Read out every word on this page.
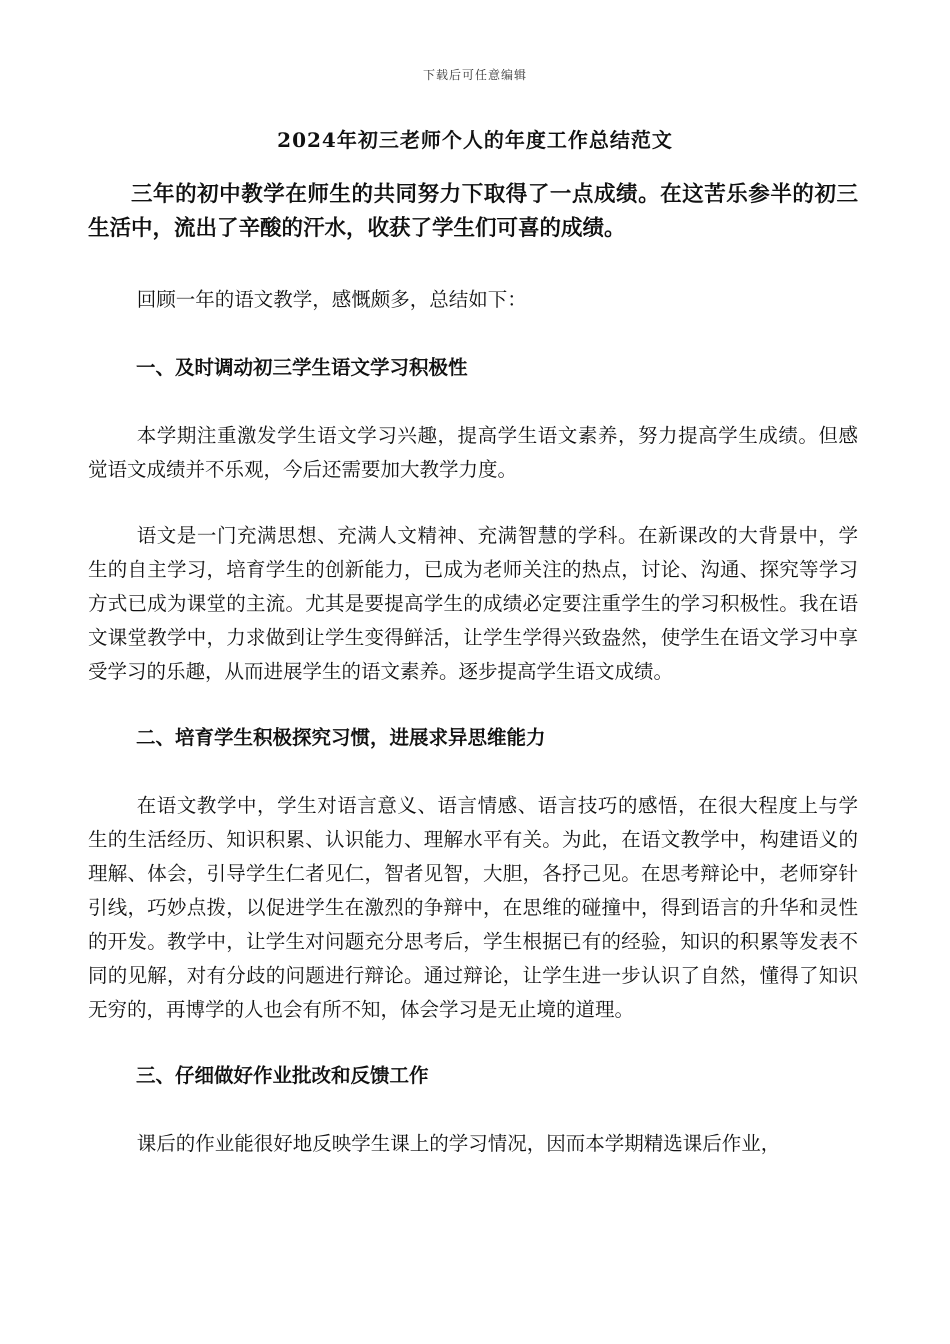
下载后可任意编辑
2024年初三老师个人的年度工作总结范文

三年的初中教学在师生的共同努力下取得了一点成绩。在这苦乐参半的初三生活中，流出了辛酸的汗水，收获了学生们可喜的成绩。

回顾一年的语文教学，感慨颇多，总结如下：

一、及时调动初三学生语文学习积极性

本学期注重激发学生语文学习兴趣，提高学生语文素养，努力提高学生成绩。但感觉语文成绩并不乐观，今后还需要加大教学力度。

语文是一门充满思想、充满人文精神、充满智慧的学科。在新课改的大背景中，学生的自主学习，培育学生的创新能力，已成为老师关注的热点，讨论、沟通、探究等学习方式已成为课堂的主流。尤其是要提高学生的成绩必定要注重学生的学习积极性。我在语文课堂教学中，力求做到让学生变得鲜活，让学生学得兴致盎然，使学生在语文学习中享受学习的乐趣，从而进展学生的语文素养。逐步提高学生语文成绩。

二、培育学生积极探究习惯，进展求异思维能力

在语文教学中，学生对语言意义、语言情感、语言技巧的感悟，在很大程度上与学生的生活经历、知识积累、认识能力、理解水平有关。为此，在语文教学中，构建语义的理解、体会，引导学生仁者见仁，智者见智，大胆，各抒己见。在思考辩论中，老师穿针引线，巧妙点拨，以促进学生在激烈的争辩中，在思维的碰撞中，得到语言的升华和灵性的开发。教学中，让学生对问题充分思考后，学生根据已有的经验，知识的积累等发表不同的见解，对有分歧的问题进行辩论。通过辩论，让学生进一步认识了自然，懂得了知识无穷的，再博学的人也会有所不知，体会学习是无止境的道理。

三、仔细做好作业批改和反馈工作

课后的作业能很好地反映学生课上的学习情况，因而本学期精选课后作业，
